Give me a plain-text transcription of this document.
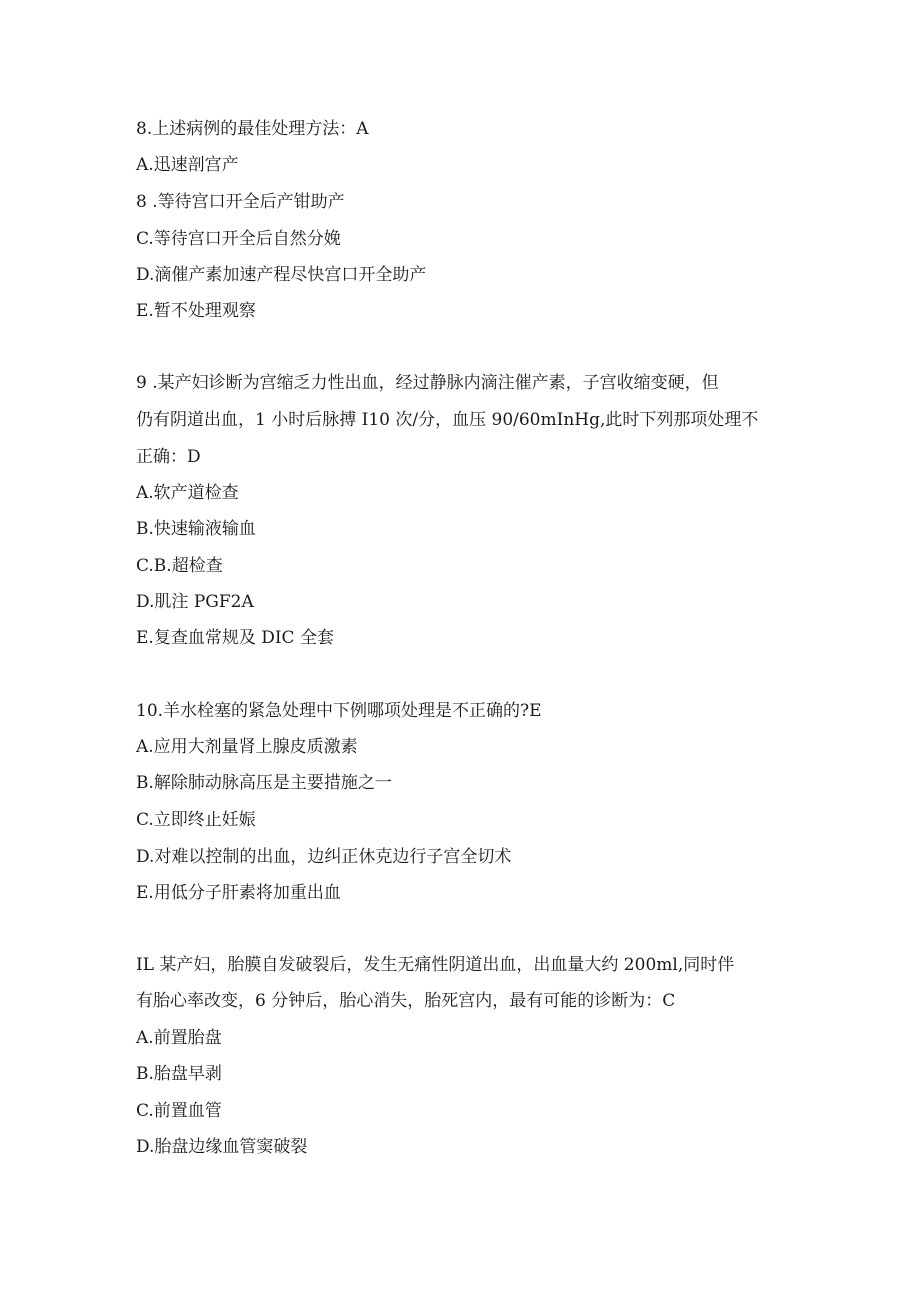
8.上述病例的最佳处理方法：A
A.迅速剖宫产
8 .等待宫口开全后产钳助产
C.等待宫口开全后自然分娩
D.滴催产素加速产程尽快宫口开全助产
E.暂不处理观察
9 .某产妇诊断为宫缩乏力性出血，经过静脉内滴注催产素，子宫收缩变硬，但
仍有阴道出血，1 小时后脉搏 I10 次/分，血压 90/60mInHg,此时下列那项处理不
正确：D
A.软产道检查
B.快速输液输血
C.B.超检查
D.肌注 PGF2A
E.复查血常规及 DIC 全套
10.羊水栓塞的紧急处理中下例哪项处理是不正确的?E
A.应用大剂量肾上腺皮质激素
B.解除肺动脉高压是主要措施之一
C.立即终止妊娠
D.对难以控制的出血，边纠正休克边行子宫全切术
E.用低分子肝素将加重出血
IL 某产妇，胎膜自发破裂后，发生无痛性阴道出血，出血量大约 200ml,同时伴
有胎心率改变，6 分钟后，胎心消失，胎死宫内，最有可能的诊断为：C
A.前置胎盘
B.胎盘早剥
C.前置血管
D.胎盘边缘血管窦破裂
